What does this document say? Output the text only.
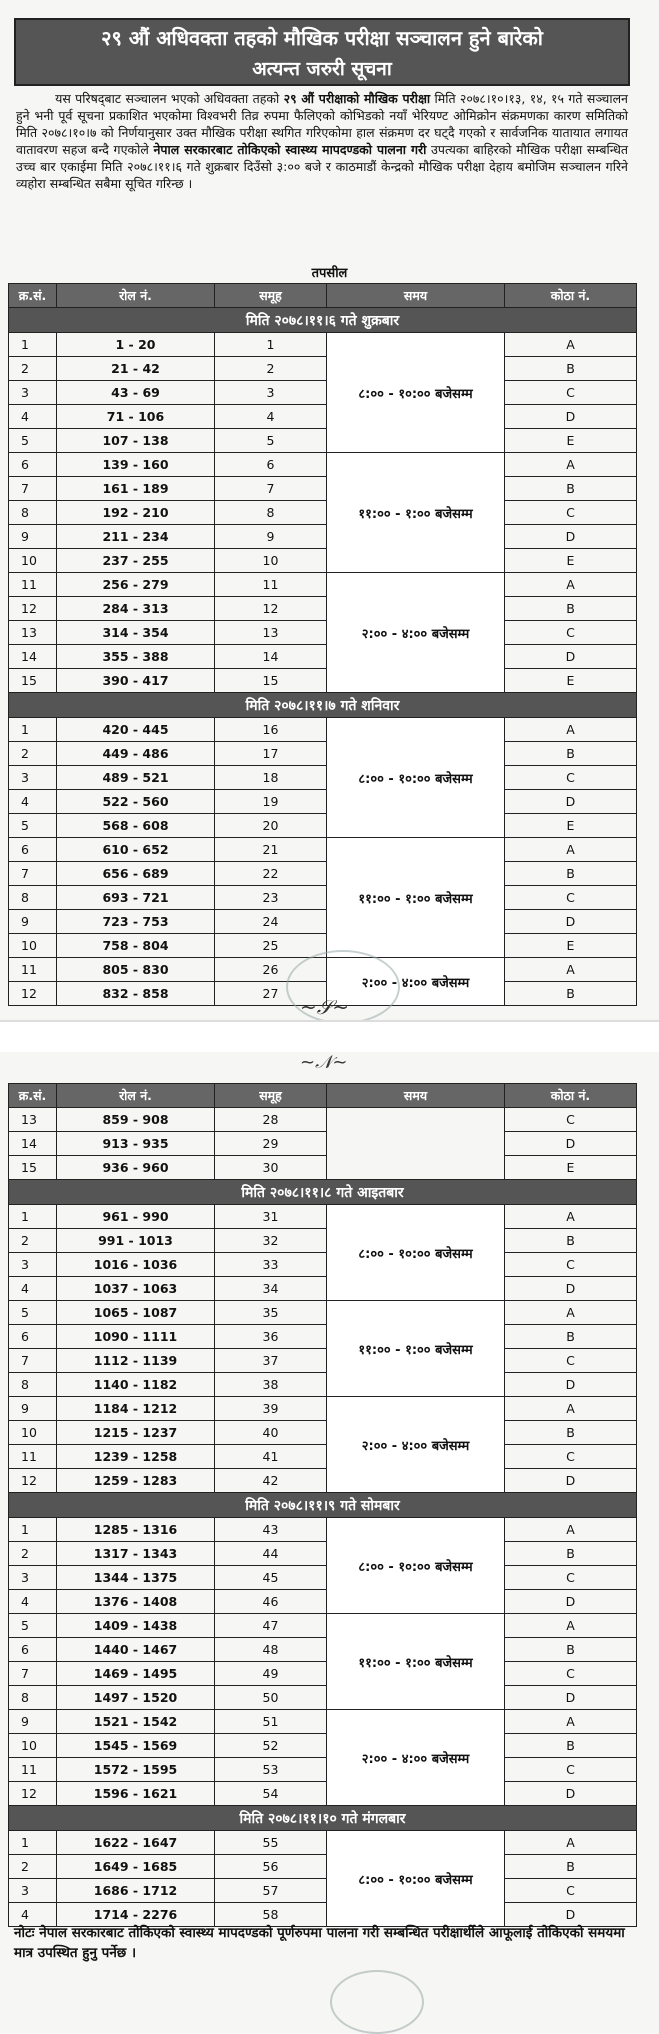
२९ औं अधिवक्ता तहको मौखिक परीक्षा सञ्चालन हुने बारेको
अत्यन्त जरुरी सूचना
यस परिषद्‌बाट सञ्चालन भएको अधिवक्ता तहको २९ औं परीक्षाको मौखिक परीक्षा मिति २०७८।१०।१३, १४, १५ गते सञ्चालन हुने भनी पूर्व सूचना प्रकाशित भएकोमा विश्वभरी तिव्र रुपमा फैलिएको कोभिडको नयाँ भेरियण्ट ओमिक्रोन संक्रमणका कारण समितिको मिति २०७८।१०।७ को निर्णयानुसार उक्त मौखिक परीक्षा स्थगित गरिएकोमा हाल संक्रमण दर घट्दै गएको र सार्वजनिक यातायात लगायत वातावरण सहज बन्दै गएकोले नेपाल सरकारबाट तोकिएको स्वास्थ्य मापदण्डको पालना गरी उपत्यका बाहिरको मौखिक परीक्षा सम्बन्धित उच्च बार एकाईमा मिति २०७८।११।६ गते शुक्रबार दिउँसो ३:०० बजे र काठमाडौं केन्द्रको मौखिक परीक्षा देहाय बमोजिम सञ्चालन गरिने व्यहोरा सम्बन्धित सबैमा सूचित गरिन्छ ।
तपसील
क्र.सं.	रोल नं.	समूह	समय	कोठा नं.
मिति २०७८।११।६ गते शुक्रबार				
1	1 - 20	1	८:०० - १०:०० बजेसम्म	A
2	21 - 42	2		B
3	43 - 69	3		C
4	71 - 106	4		D
5	107 - 138	5		E
6	139 - 160	6	११:०० - १:०० बजेसम्म	A
7	161 - 189	7		B
8	192 - 210	8		C
9	211 - 234	9		D
10	237 - 255	10		E
11	256 - 279	11	२:०० - ४:०० बजेसम्म	A
12	284 - 313	12		B
13	314 - 354	13		C
14	355 - 388	14		D
15	390 - 417	15		E
मिति २०७८।११।७ गते शनिवार				
1	420 - 445	16	८:०० - १०:०० बजेसम्म	A
2	449 - 486	17		B
3	489 - 521	18		C
4	522 - 560	19		D
5	568 - 608	20		E
6	610 - 652	21	११:०० - १:०० बजेसम्म	A
7	656 - 689	22		B
8	693 - 721	23		C
9	723 - 753	24		D
10	758 - 804	25		E
11	805 - 830	26	२:०० - ४:०० बजेसम्म	A
12	832 - 858	27		B
~𝒮~
~𝒩~
क्र.सं.	रोल नं.	समूह	समय	कोठा नं.
13	859 - 908	28		C
14	913 - 935	29		D
15	936 - 960	30		E
मिति २०७८।११।८ गते आइतबार				
1	961 - 990	31	८:०० - १०:०० बजेसम्म	A
2	991 - 1013	32		B
3	1016 - 1036	33		C
4	1037 - 1063	34		D
5	1065 - 1087	35	११:०० - १:०० बजेसम्म	A
6	1090 - 1111	36		B
7	1112 - 1139	37		C
8	1140 - 1182	38		D
9	1184 - 1212	39	२:०० - ४:०० बजेसम्म	A
10	1215 - 1237	40		B
11	1239 - 1258	41		C
12	1259 - 1283	42		D
मिति २०७८।११।९ गते सोमबार				
1	1285 - 1316	43	८:०० - १०:०० बजेसम्म	A
2	1317 - 1343	44		B
3	1344 - 1375	45		C
4	1376 - 1408	46		D
5	1409 - 1438	47	११:०० - १:०० बजेसम्म	A
6	1440 - 1467	48		B
7	1469 - 1495	49		C
8	1497 - 1520	50		D
9	1521 - 1542	51	२:०० - ४:०० बजेसम्म	A
10	1545 - 1569	52		B
11	1572 - 1595	53		C
12	1596 - 1621	54		D
मिति २०७८।११।१० गते मंगलबार				
1	1622 - 1647	55	८:०० - १०:०० बजेसम्म	A
2	1649 - 1685	56		B
3	1686 - 1712	57		C
4	1714 - 2276	58		D
नोटः नेपाल सरकारबाट तोकिएको स्वास्थ्य मापदण्डको पूर्णरुपमा पालना गरी सम्बन्धित परीक्षार्थीले आफूलाई तोकिएको समयमा मात्र उपस्थित हुनु पर्नेछ ।
